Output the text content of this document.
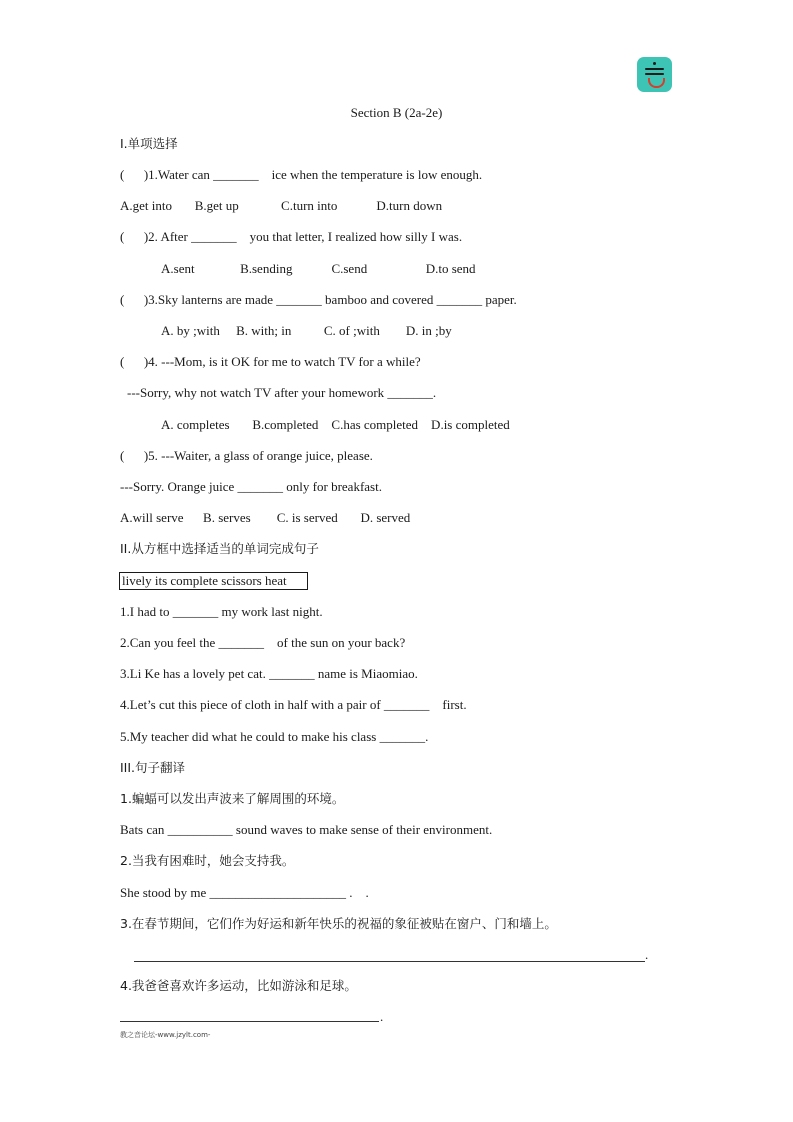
Section B (2a-2e)
I.单项选择
(      )1.Water can _______    ice when the temperature is low enough.
A.get into       B.get up             C.turn into            D.turn down
(      )2. After _______    you that letter, I realized how silly I was.
A.sent              B.sending            C.send                  D.to send
(      )3.Sky lanterns are made _______ bamboo and covered _______ paper.
A. by ;with     B. with; in          C. of ;with        D. in ;by
(      )4. ---Mom, is it OK for me to watch TV for a while?
---Sorry, why not watch TV after your homework _______.
A. completes       B.completed    C.has completed    D.is completed
(      )5. ---Waiter, a glass of orange juice, please.
---Sorry. Orange juice _______ only for breakfast.
A.will serve      B. serves        C. is served       D. served
II.从方框中选择适当的单词完成句子
lively its complete scissors heat
1.I had to _______ my work last night.
2.Can you feel the _______    of the sun on your back?
3.Li Ke has a lovely pet cat. _______ name is Miaomiao.
4.Let’s cut this piece of cloth in half with a pair of _______    first.
5.My teacher did what he could to make his class _______.
III.句子翻译
1.蝙蝠可以发出声波来了解周围的环境。
Bats can __________ sound waves to make sense of their environment.
2.当我有困难时，她会支持我。
She stood by me _____________________ .    .
3.在春节期间，它们作为好运和新年快乐的祝福的象征被贴在窗户、门和墙上。
.
4.我爸爸喜欢许多运动，比如游泳和足球。
.
教之音论坛-www.jzylt.com-
